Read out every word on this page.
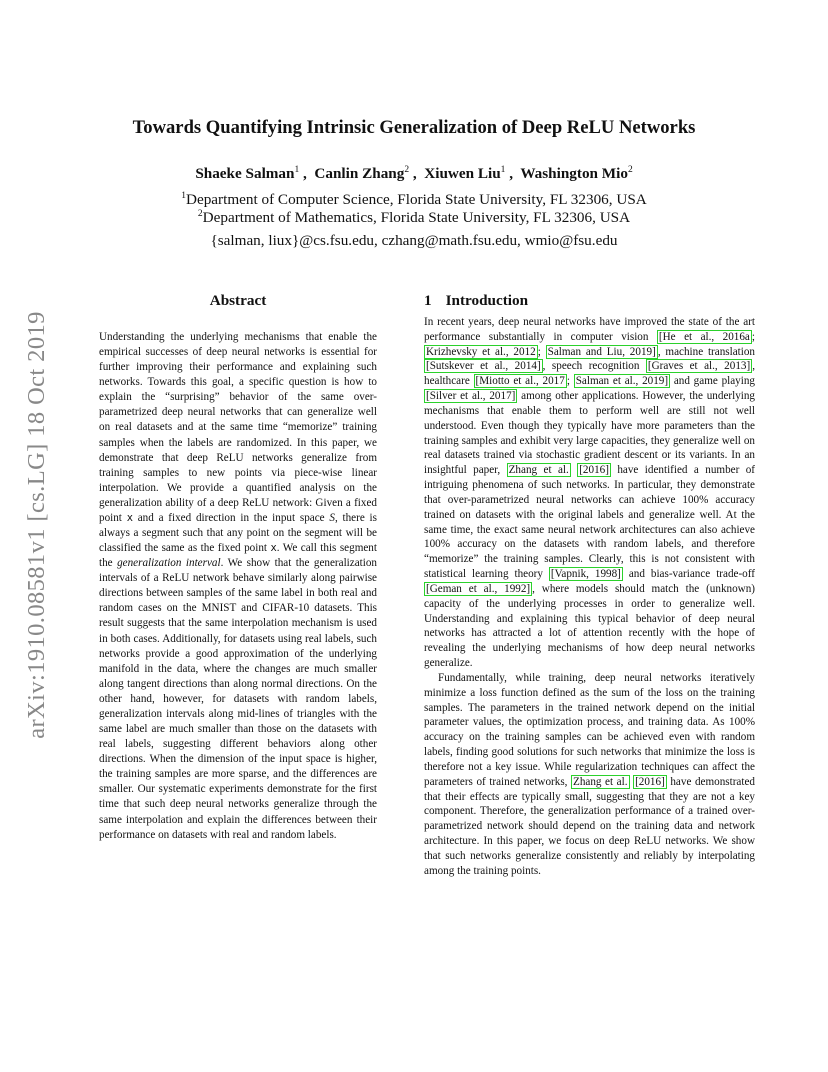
arXiv:1910.08581v1 [cs.LG] 18 Oct 2019
Towards Quantifying Intrinsic Generalization of Deep ReLU Networks
Shaeke Salman$^1$ ,  Canlin Zhang$^2$ ,  Xiuwen Liu$^1$ ,  Washington Mio$^2$
$^1$Department of Computer Science, Florida State University, FL 32306, USA
$^2$Department of Mathematics, Florida State University, FL 32306, USA
{salman, liux}@cs.fsu.edu, czhang@math.fsu.edu, wmio@fsu.edu
Abstract

Understanding the underlying mechanisms that enable the empirical successes of deep neural networks is essential for further improving their performance and explaining such networks. Towards this goal, a specific question is how to explain the “surprising” behavior of the same over-parametrized deep neural networks that can generalize well on real datasets and at the same time “memorize” training samples when the labels are randomized. In this paper, we demonstrate that deep ReLU networks generalize from training samples to new points via piece-wise linear interpolation. We provide a quantified analysis on the generalization ability of a deep ReLU network: Given a fixed point x and a fixed direction in the input space S, there is always a segment such that any point on the segment will be classified the same as the fixed point x. We call this segment the generalization interval. We show that the generalization intervals of a ReLU network behave similarly along pairwise directions between samples of the same label in both real and random cases on the MNIST and CIFAR-10 datasets. This result suggests that the same interpolation mechanism is used in both cases. Additionally, for datasets using real labels, such networks provide a good approximation of the underlying manifold in the data, where the changes are much smaller along tangent directions than along normal directions. On the other hand, however, for datasets with random labels, generalization intervals along mid-lines of triangles with the same label are much smaller than those on the datasets with real labels, suggesting different behaviors along other directions. When the dimension of the input space is higher, the training samples are more sparse, and the differences are smaller. Our systematic experiments demonstrate for the first time that such deep neural networks generalize through the same interpolation and explain the differences between their performance on datasets with real and random labels.

1 Introduction

In recent years, deep neural networks have improved the state of the art performance substantially in computer vision [He et al., 2016a ; Krizhevsky et al., 2012 ; Salman and Liu, 2019] , machine translation [Sutskever et al., 2014] , speech recognition [Graves et al., 2013] , healthcare [Miotto et al., 2017 ; Salman et al., 2019] and game playing [Silver et al., 2017] among other applications. However, the underlying mechanisms that enable them to perform well are still not well understood. Even though they typically have more parameters than the training samples and exhibit very large capacities, they generalize well on real datasets trained via stochastic gradient descent or its variants. In an insightful paper, Zhang et al. [2016] have identified a number of intriguing phenomena of such networks. In particular, they demonstrate that over-parametrized neural networks can achieve 100% accuracy trained on datasets with the original labels and generalize well. At the same time, the exact same neural network architectures can also achieve 100% accuracy on the datasets with random labels, and therefore “memorize” the training samples. Clearly, this is not consistent with statistical learning theory [Vapnik, 1998] and bias-variance trade-off [Geman et al., 1992] , where models should match the (unknown) capacity of the underlying processes in order to generalize well. Understanding and explaining this typical behavior of deep neural networks has attracted a lot of attention recently with the hope of revealing the underlying mechanisms of how deep neural networks generalize.

Fundamentally, while training, deep neural networks iteratively minimize a loss function defined as the sum of the loss on the training samples. The parameters in the trained network depend on the initial parameter values, the optimization process, and training data. As 100% accuracy on the training samples can be achieved even with random labels, finding good solutions for such networks that minimize the loss is therefore not a key issue. While regularization techniques can affect the parameters of trained networks, Zhang et al. [2016] have demonstrated that their effects are typically small, suggesting that they are not a key component. Therefore, the generalization performance of a trained over-parametrized network should depend on the training data and network architecture. In this paper, we focus on deep ReLU networks. We show that such networks generalize consistently and reliably by interpolating among the training points.
